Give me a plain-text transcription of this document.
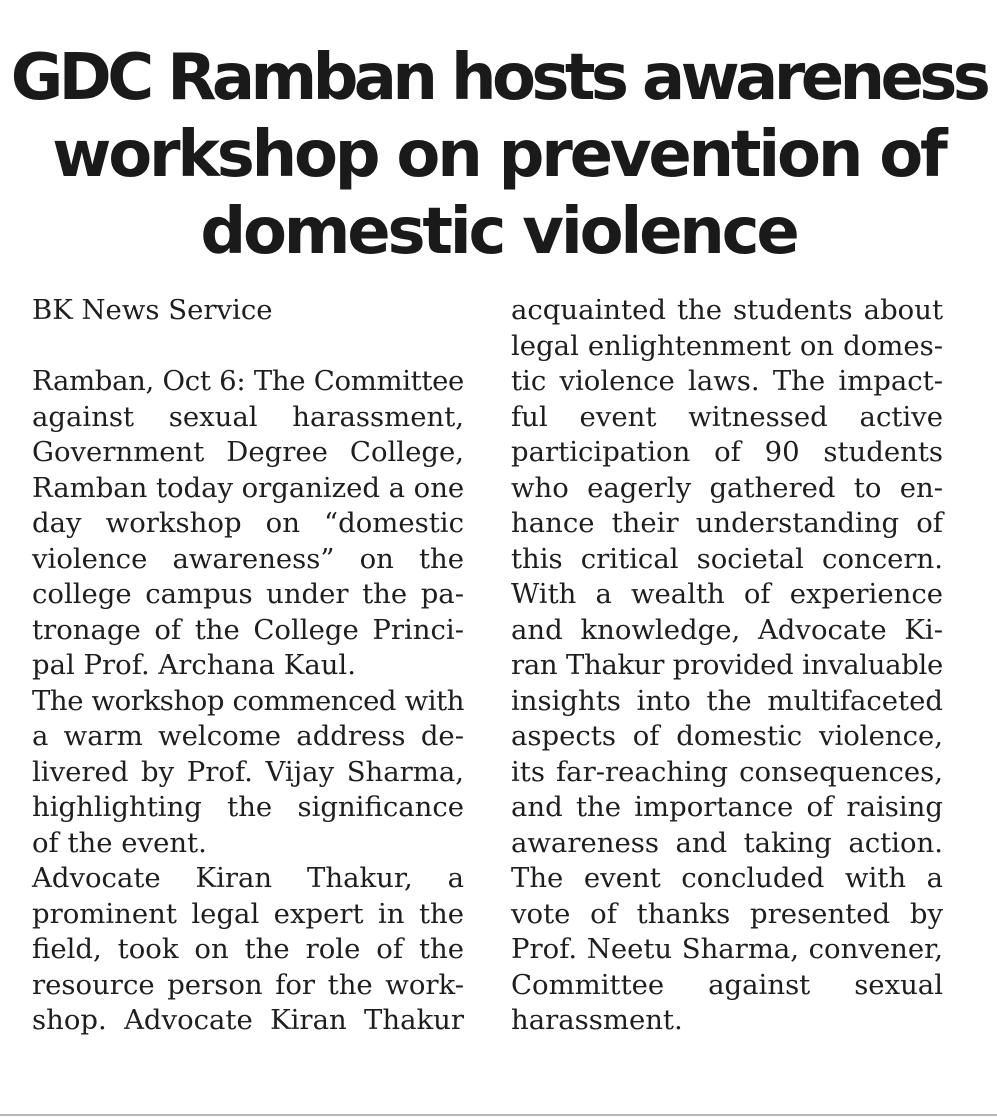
GDC Ramban hosts awareness
workshop on prevention of
domestic violence
BK News Service
Ramban, Oct 6: The Committee
against sexual harassment,
Government Degree College,
Ramban today organized a one
day workshop on “domestic
violence awareness” on the
college campus under the pa-
tronage of the College Princi-
pal Prof. Archana Kaul.
The workshop commenced with
a warm welcome address de-
livered by Prof. Vijay Sharma,
highlighting the significance
of the event.
Advocate Kiran Thakur, a
prominent legal expert in the
field, took on the role of the
resource person for the work-
shop. Advocate Kiran Thakur
acquainted the students about
legal enlightenment on domes-
tic violence laws. The impact-
ful event witnessed active
participation of 90 students
who eagerly gathered to en-
hance their understanding of
this critical societal concern.
With a wealth of experience
and knowledge, Advocate Ki-
ran Thakur provided invaluable
insights into the multifaceted
aspects of domestic violence,
its far-reaching consequences,
and the importance of raising
awareness and taking action.
The event concluded with a
vote of thanks presented by
Prof. Neetu Sharma, convener,
Committee against sexual
harassment.
